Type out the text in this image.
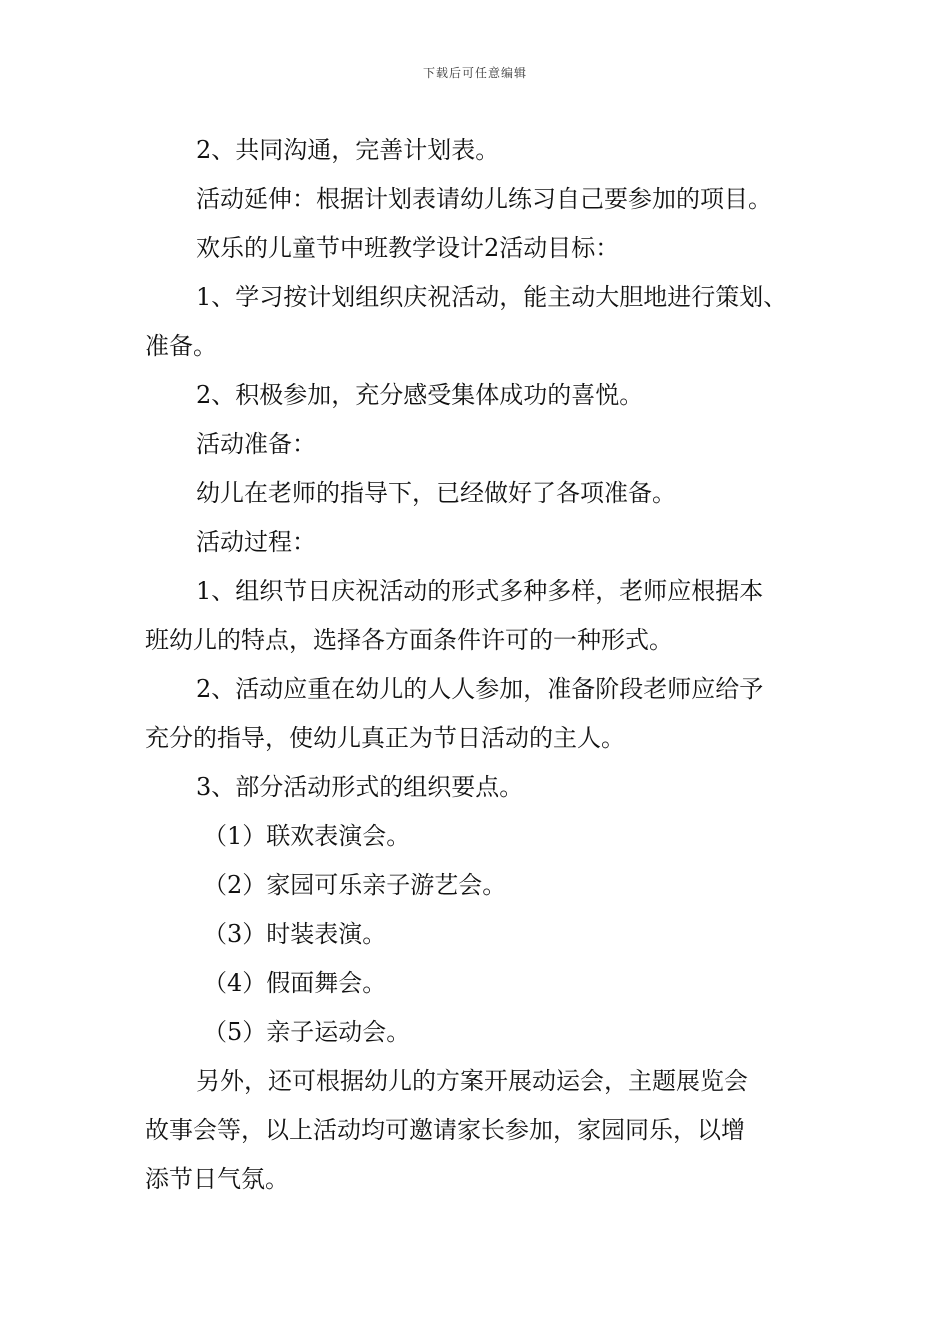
下载后可任意编辑

2、共同沟通，完善计划表。

活动延伸：根据计划表请幼儿练习自己要参加的项目。

欢乐的儿童节中班教学设计2活动目标：

1、学习按计划组织庆祝活动，能主动大胆地进行策划、

准备。

2、积极参加，充分感受集体成功的喜悦。

活动准备：

幼儿在老师的指导下，已经做好了各项准备。

活动过程：

1、组织节日庆祝活动的形式多种多样，老师应根据本

班幼儿的特点，选择各方面条件许可的一种形式。

2、活动应重在幼儿的人人参加，准备阶段老师应给予

充分的指导，使幼儿真正为节日活动的主人。

3、部分活动形式的组织要点。

（1）联欢表演会。

（2）家园可乐亲子游艺会。

（3）时装表演。

（4）假面舞会。

（5）亲子运动会。

另外，还可根据幼儿的方案开展动运会，主题展览会

故事会等，以上活动均可邀请家长参加，家园同乐，以增

添节日气氛。
